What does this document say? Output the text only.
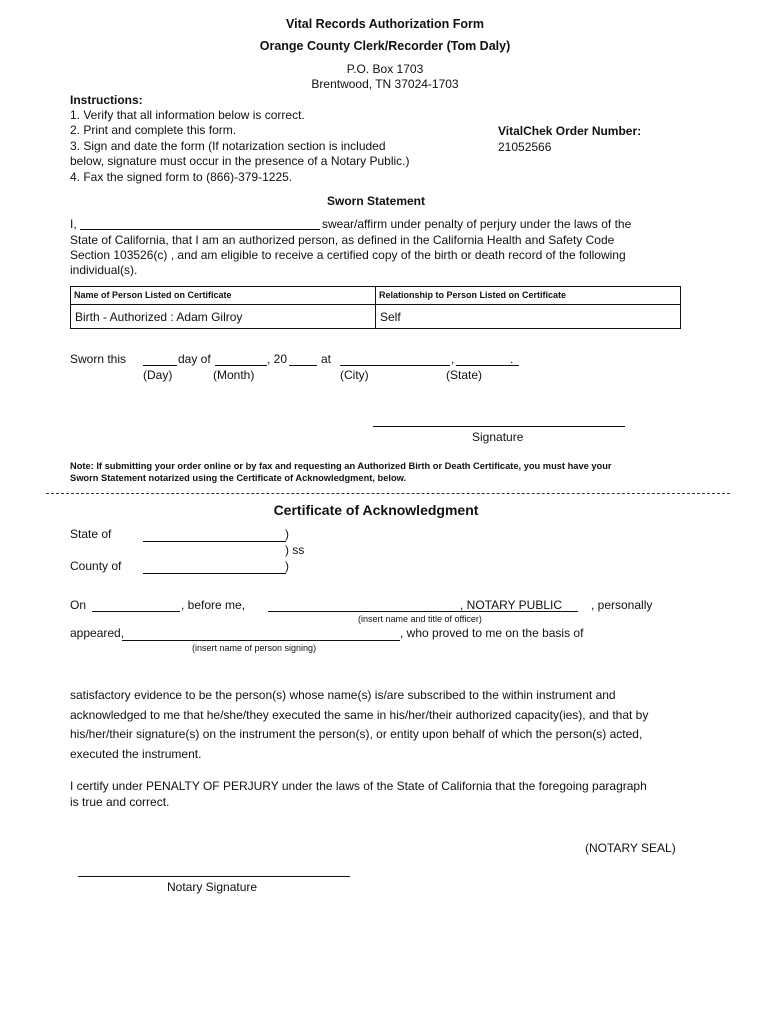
Vital Records Authorization Form
Orange County Clerk/Recorder (Tom Daly)
P.O. Box 1703
Brentwood, TN 37024-1703
Instructions:
1. Verify that all information below is correct.
2. Print and complete this form.
3. Sign and date the form (If notarization section is included
below, signature must occur in the presence of a Notary Public.)
4. Fax the signed form to (866)-379-1225.
VitalChek Order Number:
21052566
Sworn Statement
I,	swear/affirm under penalty of perjury under the laws of the
State of California, that I am an authorized person, as defined in the California Health and Safety Code
Section 103526(c) , and am eligible to receive a certified copy of the birth or death record of the following
individual(s).
Name of Person Listed on Certificate	Relationship to Person Listed on Certificate
Birth - Authorized : Adam Gilroy	Self
Sworn this	day of	, 20	at	,	.
(Day)	(Month)	(City)	(State)
Signature
Note: If submitting your order online or by fax and requesting an Authorized Birth or Death Certificate, you must have your
Sworn Statement notarized using the Certificate of Acknowledgment, below.
Certificate of Acknowledgment
State of	)
) ss
County of	)
On	, before me,	, NOTARY PUBLIC , personally
(insert name and title of officer)
appeared,	, who proved to me on the basis of
(insert name of person signing)
satisfactory evidence to be the person(s) whose name(s) is/are subscribed to the within instrument and
acknowledged to me that he/she/they executed the same in his/her/their authorized capacity(ies), and that by
his/her/their signature(s) on the instrument the person(s), or entity upon behalf of which the person(s) acted,
executed the instrument.
I certify under PENALTY OF PERJURY under the laws of the State of California that the foregoing paragraph
is true and correct.
(NOTARY SEAL)
Notary Signature
